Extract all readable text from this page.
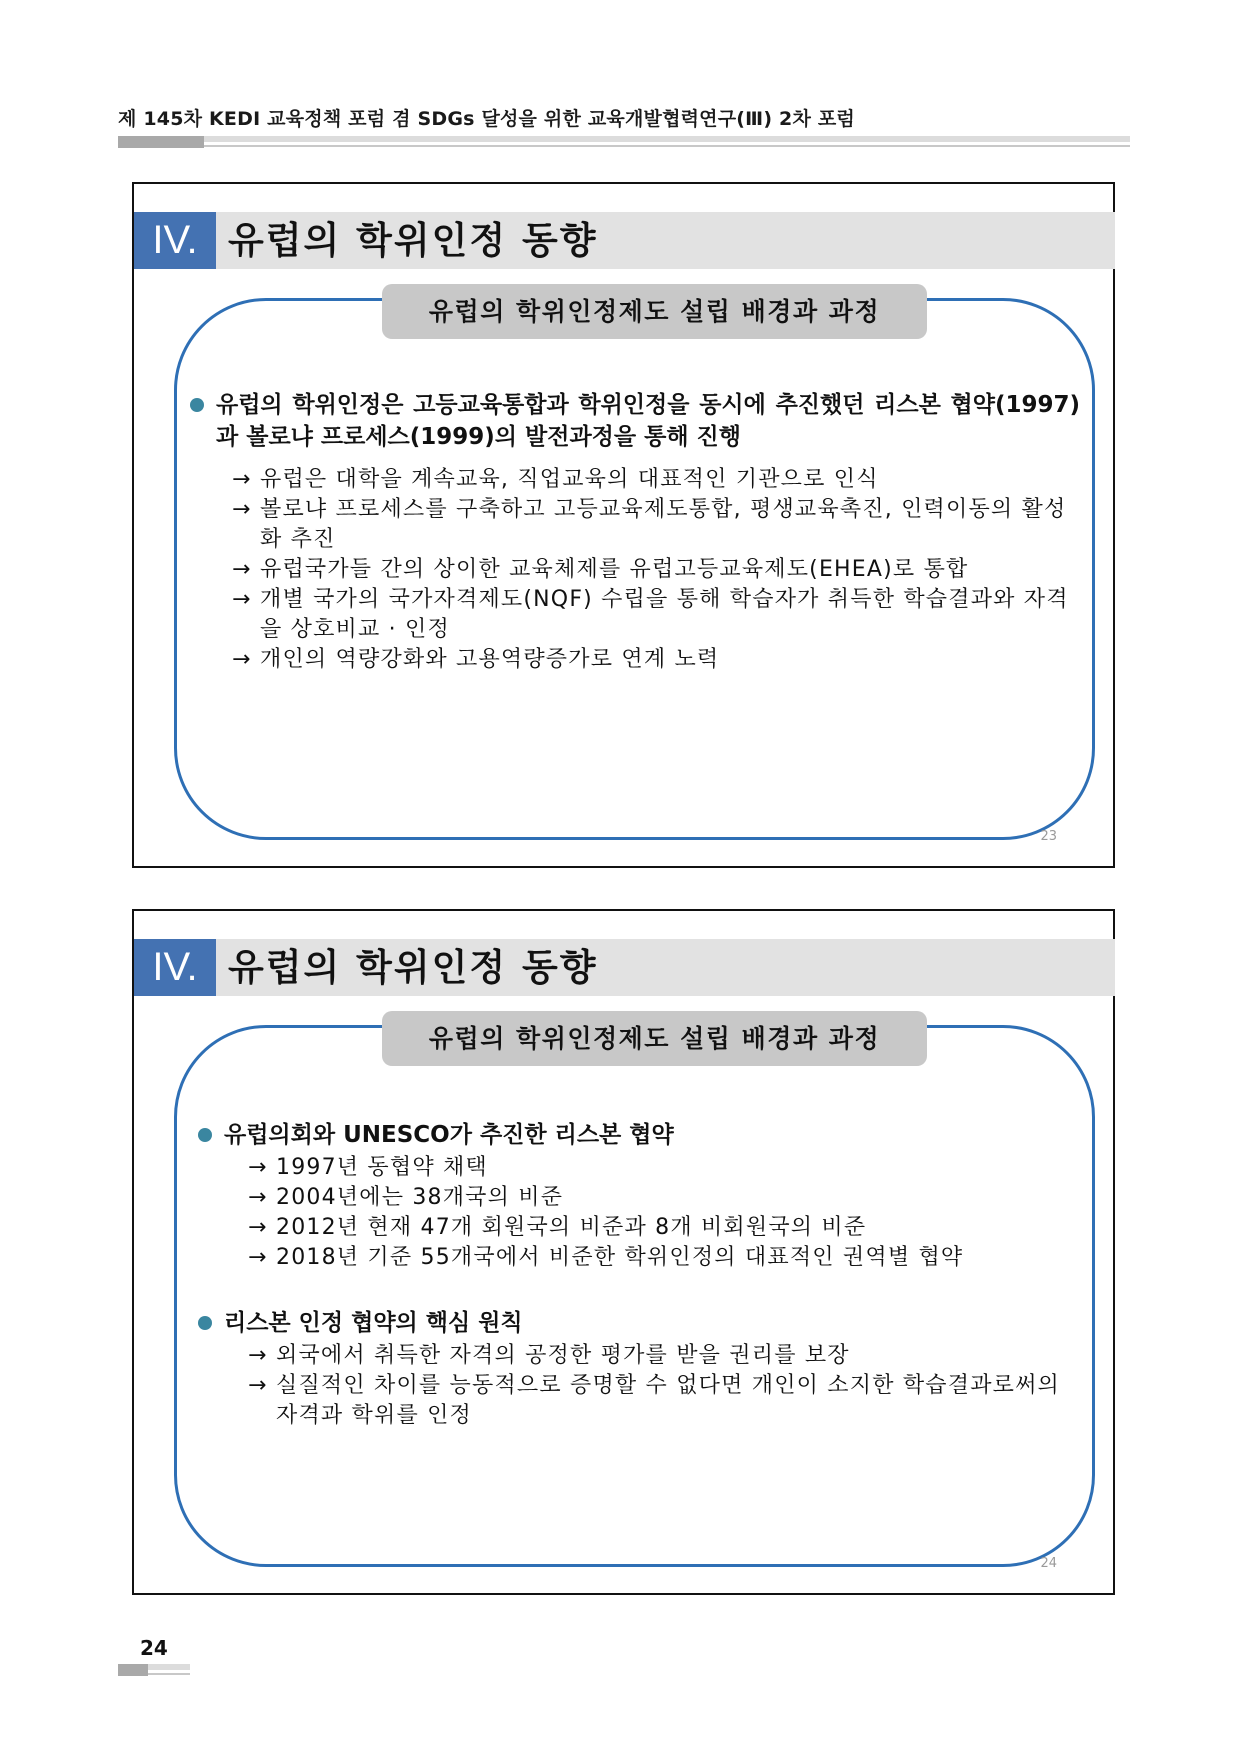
제 145차 KEDI 교육정책 포럼 겸 SDGs 달성을 위한 교육개발협력연구(Ⅲ) 2차 포럼
IV. 유럽의 학위인정 동향
유럽의 학위인정제도 설립 배경과 과정
유럽의 학위인정은 고등교육통합과 학위인정을 동시에 추진했던 리스본 협약(1997)과 볼로냐 프로세스(1999)의 발전과정을 통해 진행
→ 유럽은 대학을 계속교육, 직업교육의 대표적인 기관으로 인식
→ 볼로냐 프로세스를 구축하고 고등교육제도통합, 평생교육촉진, 인력이동의 활성화 추진
→ 유럽국가들 간의 상이한 교육체제를 유럽고등교육제도(EHEA)로 통합
→ 개별 국가의 국가자격제도(NQF) 수립을 통해 학습자가 취득한 학습결과와 자격을 상호비교 · 인정
→ 개인의 역량강화와 고용역량증가로 연계 노력
23
IV. 유럽의 학위인정 동향
유럽의 학위인정제도 설립 배경과 과정
유럽의회와 UNESCO가 추진한 리스본 협약
→ 1997년 동협약 채택
→ 2004년에는 38개국의 비준
→ 2012년 현재 47개 회원국의 비준과 8개 비회원국의 비준
→ 2018년 기준 55개국에서 비준한 학위인정의 대표적인 권역별 협약
리스본 인정 협약의 핵심 원칙
→ 외국에서 취득한 자격의 공정한 평가를 받을 권리를 보장
→ 실질적인 차이를 능동적으로 증명할 수 없다면 개인이 소지한 학습결과로써의 자격과 학위를 인정
24
24
